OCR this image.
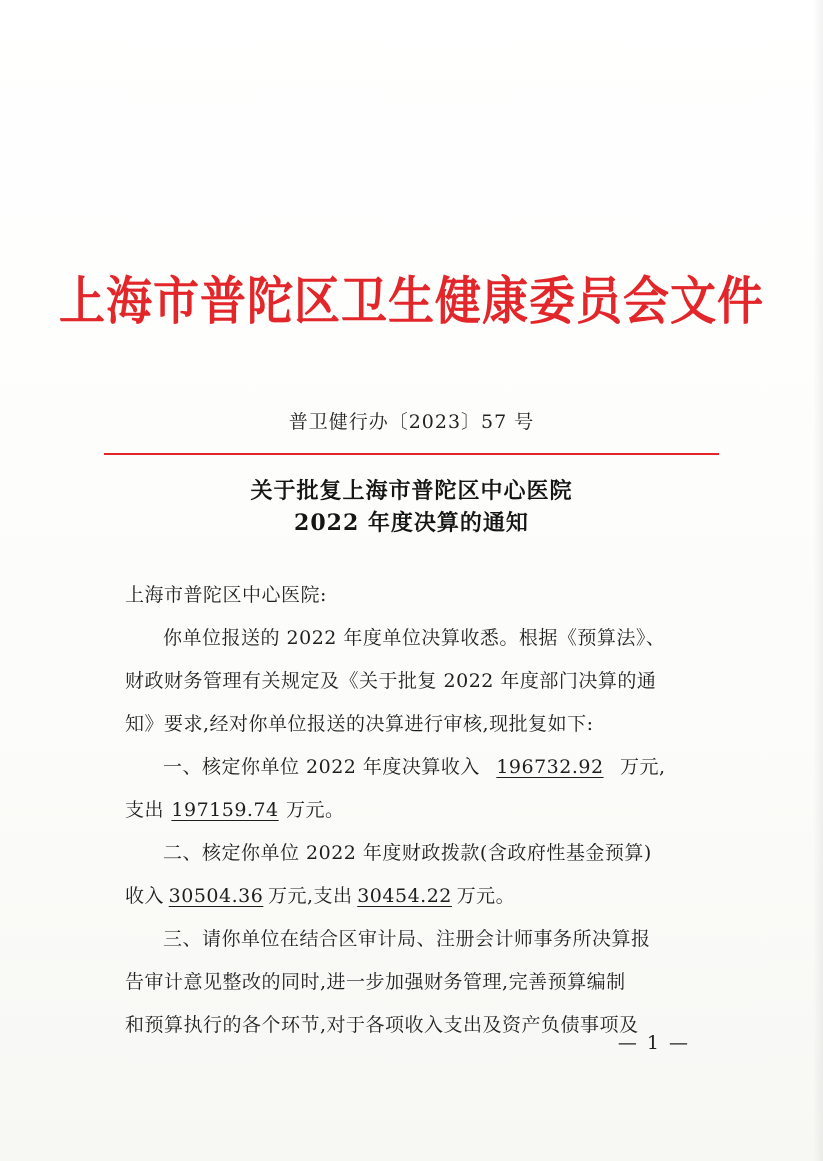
上海市普陀区卫生健康委员会文件
普卫健行办〔2023〕57 号
关于批复上海市普陀区中心医院
2022 年度决算的通知
上海市普陀区中心医院:
你单位报送的 2022 年度单位决算收悉。根据《预算法》、
财政财务管理有关规定及《关于批复 2022 年度部门决算的通
知》要求,经对你单位报送的决算进行审核,现批复如下:
一、核定你单位 2022 年度决算收入 196732.92 万元,
支出 197159.74 万元。
二、核定你单位 2022 年度财政拨款(含政府性基金预算)
收入 30504.36 万元,支出 30454.22 万元。
三、请你单位在结合区审计局、注册会计师事务所决算报
告审计意见整改的同时,进一步加强财务管理,完善预算编制
和预算执行的各个环节,对于各项收入支出及资产负债事项及
— 1 —
